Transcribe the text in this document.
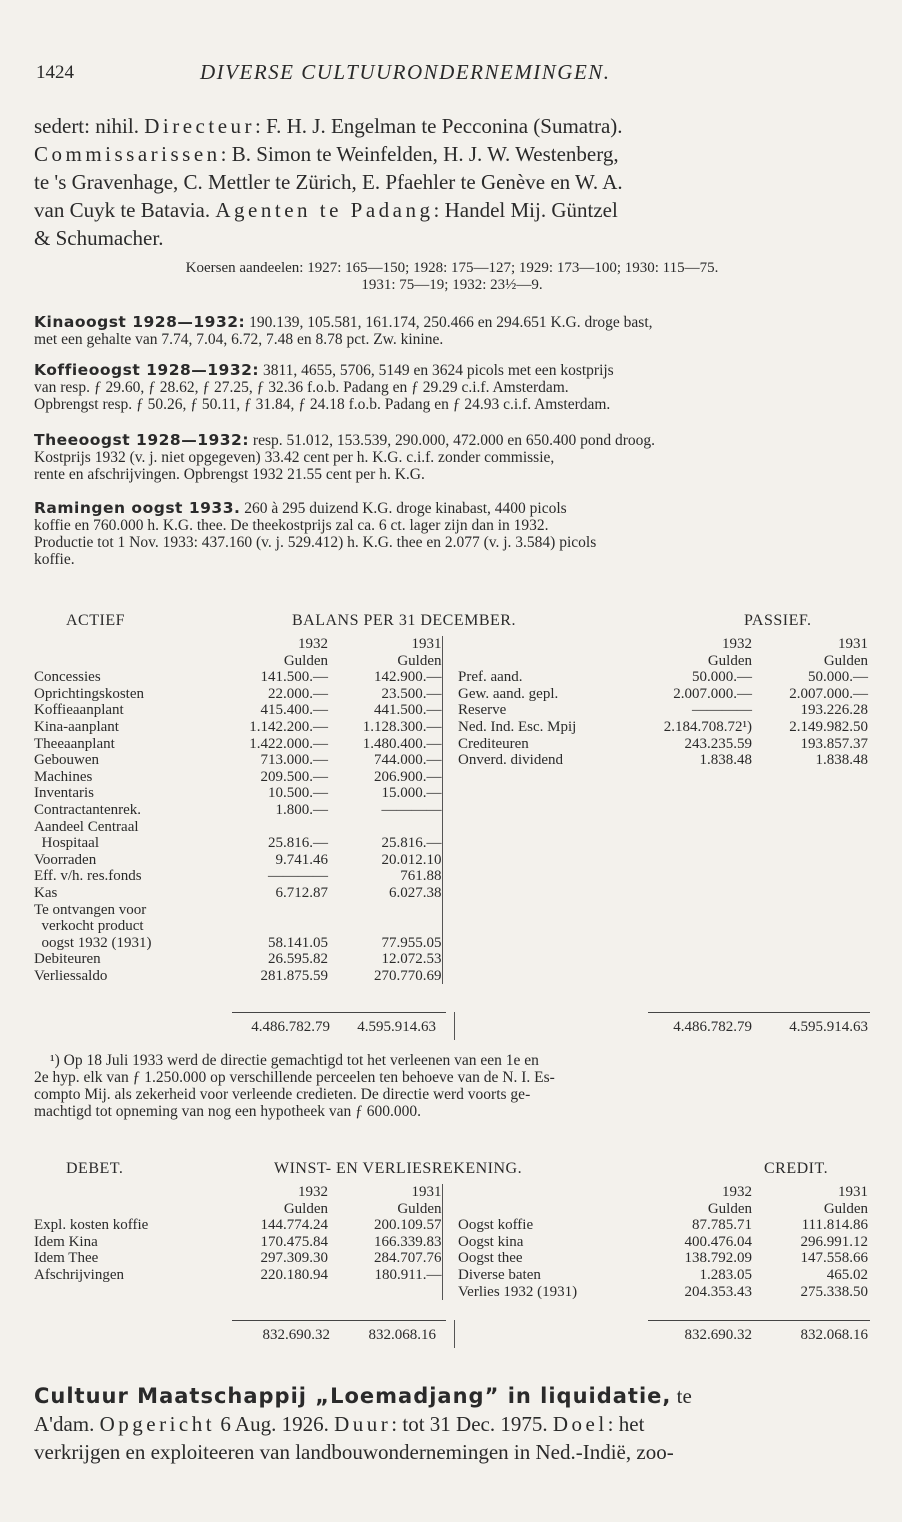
1424	DIVERSE CULTUURONDERNEMINGEN.
sedert: nihil. Directeur: F. H. J. Engelman te Pecconina (Sumatra).
Commissarissen: B. Simon te Weinfelden, H. J. W. Westenberg,
te 's Gravenhage, C. Mettler te Zürich, E. Pfaehler te Genève en W. A.
van Cuyk te Batavia. Agenten te Padang: Handel Mij. Güntzel
& Schumacher.
Koersen aandeelen: 1927: 165—150; 1928: 175—127; 1929: 173—100; 1930: 115—75.
1931: 75—19; 1932: 23½—9.
Kinaoogst 1928—1932: 190.139, 105.581, 161.174, 250.466 en 294.651 K.G. droge bast,
met een gehalte van 7.74, 7.04, 6.72, 7.48 en 8.78 pct. Zw. kinine.
Koffieoogst 1928—1932: 3811, 4655, 5706, 5149 en 3624 picols met een kostprijs
van resp. ƒ 29.60, ƒ 28.62, ƒ 27.25, ƒ 32.36 f.o.b. Padang en ƒ 29.29 c.i.f. Amsterdam.
Opbrengst resp. ƒ 50.26, ƒ 50.11, ƒ 31.84, ƒ 24.18 f.o.b. Padang en ƒ 24.93 c.i.f. Amsterdam.
Theeoogst 1928—1932: resp. 51.012, 153.539, 290.000, 472.000 en 650.400 pond droog.
Kostprijs 1932 (v. j. niet opgegeven) 33.42 cent per h. K.G. c.i.f. zonder commissie,
rente en afschrijvingen. Opbrengst 1932 21.55 cent per h. K.G.
Ramingen oogst 1933. 260 à 295 duizend K.G. droge kinabast, 4400 picols
koffie en 760.000 h. K.G. thee. De theekostprijs zal ca. 6 ct. lager zijn dan in 1932.
Productie tot 1 Nov. 1933: 437.160 (v. j. 529.412) h. K.G. thee en 2.077 (v. j. 3.584) picols
koffie.
ACTIEF	BALANS PER 31 DECEMBER.	PASSIEF.
	1932	1931	
	Gulden	Gulden	
Concessies	141.500.—	142.900.—	
Oprichtingskosten	22.000.—	23.500.—	
Koffieaanplant	415.400.—	441.500.—	
Kina-aanplant	1.142.200.—	1.128.300.—	
Theeaanplant	1.422.000.—	1.480.400.—	
Gebouwen	713.000.—	744.000.—	
Machines	209.500.—	206.900.—	
Inventaris	10.500.—	15.000.—	
Contractantenrek.	1.800.—	————	
Aandeel Centraal			
Hospitaal	25.816.—	25.816.—	
Voorraden	9.741.46	20.012.10	
Eff. v/h. res.fonds	————	761.88	
Kas	6.712.87	6.027.38	
Te ontvangen voor			
verkocht product			
oogst 1932 (1931)	58.141.05	77.955.05	
Debiteuren	26.595.82	12.072.53	
Verliessaldo	281.875.59	270.770.69	
	1932	1931
	Gulden	Gulden
Pref. aand.	50.000.—	50.000.—
Gew. aand. gepl.	2.007.000.—	2.007.000.—
Reserve	————	193.226.28
Ned. Ind. Esc. Mpij	2.184.708.72¹)	2.149.982.50
Crediteuren	243.235.59	193.857.37
Onverd. dividend	1.838.48	1.838.48
4.486.782.79	4.595.914.63	4.486.782.79	4.595.914.63
¹) Op 18 Juli 1933 werd de directie gemachtigd tot het verleenen van een 1e en
2e hyp. elk van ƒ 1.250.000 op verschillende perceelen ten behoeve van de N. I. Es-
compto Mij. als zekerheid voor verleende credieten. De directie werd voorts ge-
machtigd tot opneming van nog een hypotheek van ƒ 600.000.
DEBET.	WINST- EN VERLIESREKENING.	CREDIT.
	1932	1931	
	Gulden	Gulden	
Expl. kosten koffie	144.774.24	200.109.57	
Idem Kina	170.475.84	166.339.83	
Idem Thee	297.309.30	284.707.76	
Afschrijvingen	220.180.94	180.911.—	

	1932	1931
	Gulden	Gulden
Oogst koffie	87.785.71	111.814.86
Oogst kina	400.476.04	296.991.12
Oogst thee	138.792.09	147.558.66
Diverse baten	1.283.05	465.02
Verlies 1932 (1931)	204.353.43	275.338.50
832.690.32	832.068.16	832.690.32	832.068.16
Cultuur Maatschappij „Loemadjang” in liquidatie, te
A'dam. Opgericht 6 Aug. 1926. Duur: tot 31 Dec. 1975. Doel: het
verkrijgen en exploiteeren van landbouwondernemingen in Ned.-Indië, zoo-
